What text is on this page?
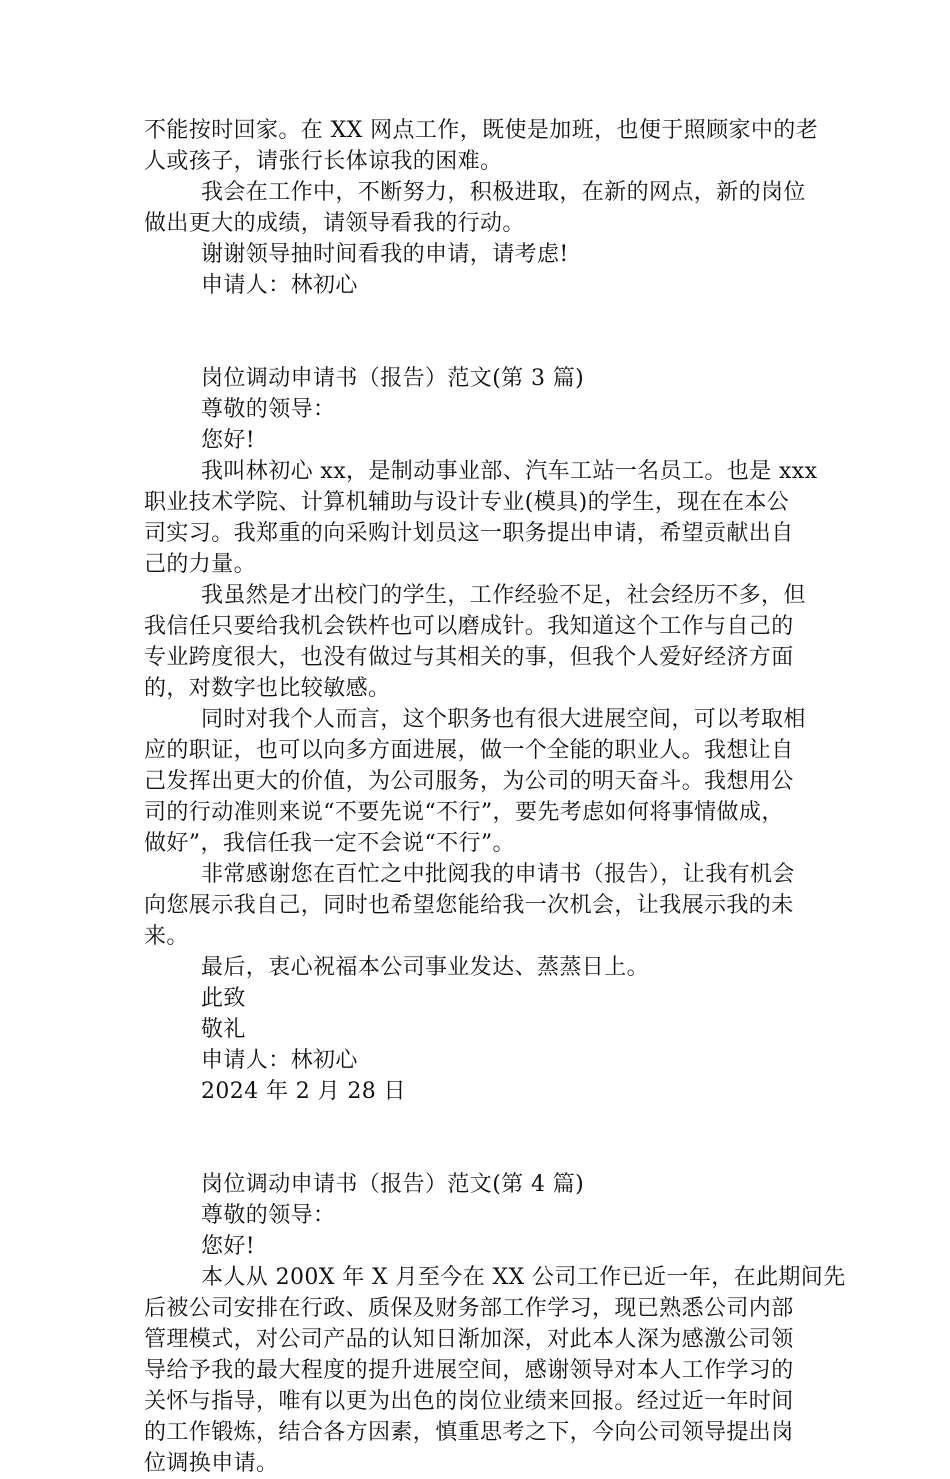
不能按时回家。在 XX 网点工作，既使是加班，也便于照顾家中的老
人或孩子，请张行长体谅我的困难。
我会在工作中，不断努力，积极进取，在新的网点，新的岗位
做出更大的成绩，请领导看我的行动。
谢谢领导抽时间看我的申请，请考虑!
申请人：林初心
岗位调动申请书（报告）范文(第 3 篇)
尊敬的领导：
您好!
我叫林初心 xx，是制动事业部、汽车工站一名员工。也是 xxx
职业技术学院、计算机辅助与设计专业(模具)的学生，现在在本公
司实习。我郑重的向采购计划员这一职务提出申请，希望贡献出自
己的力量。
我虽然是才出校门的学生，工作经验不足，社会经历不多，但
我信任只要给我机会铁杵也可以磨成针。我知道这个工作与自己的
专业跨度很大，也没有做过与其相关的事，但我个人爱好经济方面
的，对数字也比较敏感。
同时对我个人而言，这个职务也有很大进展空间，可以考取相
应的职证，也可以向多方面进展，做一个全能的职业人。我想让自
己发挥出更大的价值，为公司服务，为公司的明天奋斗。我想用公
司的行动准则来说“不要先说“不行”，要先考虑如何将事情做成，
做好”，我信任我一定不会说“不行”。
非常感谢您在百忙之中批阅我的申请书（报告），让我有机会
向您展示我自己，同时也希望您能给我一次机会，让我展示我的未
来。
最后，衷心祝福本公司事业发达、蒸蒸日上。
此致
敬礼
申请人：林初心
2024 年 2 月 28 日
岗位调动申请书（报告）范文(第 4 篇)
尊敬的领导：
您好!
本人从 200X 年 X 月至今在 XX 公司工作已近一年，在此期间先
后被公司安排在行政、质保及财务部工作学习，现已熟悉公司内部
管理模式，对公司产品的认知日渐加深，对此本人深为感激公司领
导给予我的最大程度的提升进展空间，感谢领导对本人工作学习的
关怀与指导，唯有以更为出色的岗位业绩来回报。经过近一年时间
的工作锻炼，结合各方因素，慎重思考之下，今向公司领导提出岗
位调换申请。
